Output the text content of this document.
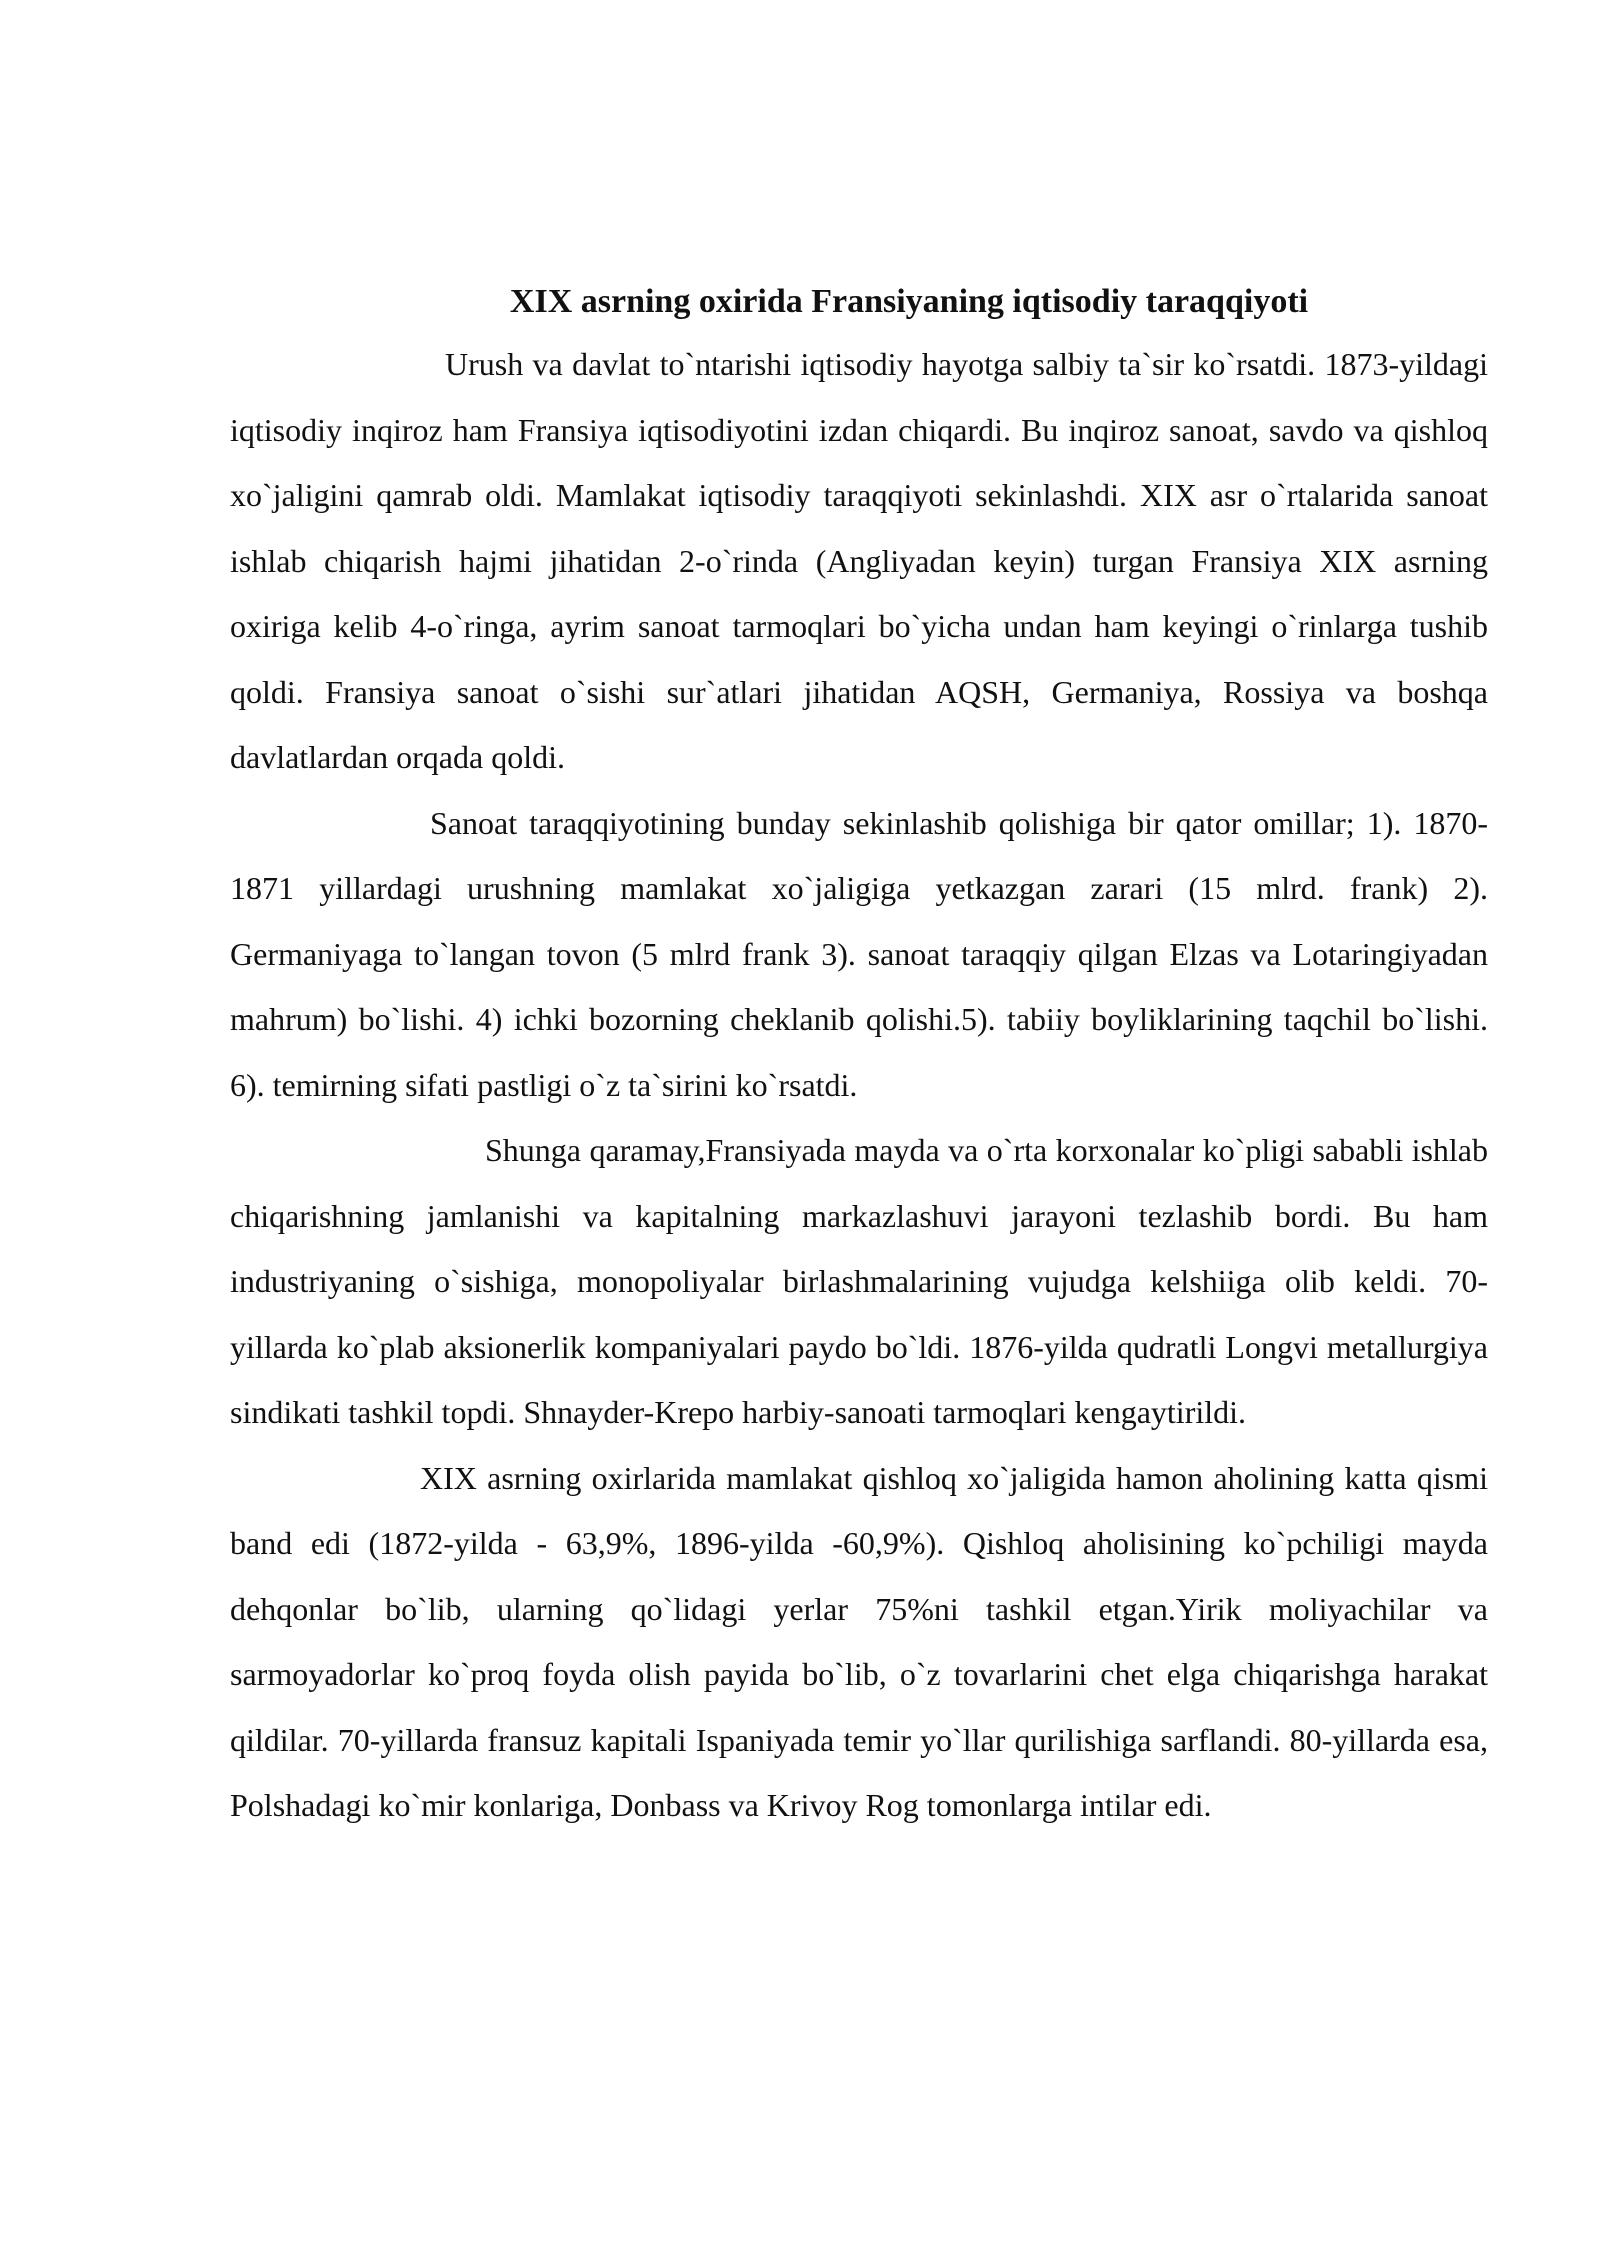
XIX asrning oxirida Fransiyaning iqtisodiy taraqqiyoti

Urush va davlat to`ntarishi iqtisodiy hayotga salbiy ta`sir ko`rsatdi. 1873-yildagi iqtisodiy inqiroz ham Fransiya iqtisodiyotini izdan chiqardi. Bu inqiroz sanoat, savdo va qishloq xo`jaligini qamrab oldi. Mamlakat iqtisodiy taraqqiyoti sekinlashdi. XIX asr o`rtalarida sanoat ishlab chiqarish hajmi jihatidan 2-o`rinda (Angliyadan keyin) turgan Fransiya XIX asrning oxiriga kelib 4-o`ringa, ayrim sanoat tarmoqlari bo`yicha undan ham keyingi o`rinlarga tushib qoldi. Fransiya sanoat o`sishi sur`atlari jihatidan AQSH, Germaniya, Rossiya va boshqa davlatlardan orqada qoldi.

Sanoat taraqqiyotining bunday sekinlashib qolishiga bir qator omillar; 1). 1870-1871 yillardagi urushning mamlakat xo`jaligiga yetkazgan zarari (15 mlrd. frank) 2). Germaniyaga to`langan tovon (5 mlrd frank 3). sanoat taraqqiy qilgan Elzas va Lotaringiyadan mahrum) bo`lishi. 4) ichki bozorning cheklanib qolishi.5). tabiiy boyliklarining taqchil bo`lishi. 6). temirning sifati pastligi o`z ta`sirini ko`rsatdi.

Shunga qaramay,Fransiyada mayda va o`rta korxonalar ko`pligi sababli ishlab chiqarishning jamlanishi va kapitalning markazlashuvi jarayoni tezlashib bordi. Bu ham industriyaning o`sishiga, monopoliyalar birlashmalarining vujudga kelshiiga olib keldi. 70-yillarda ko`plab aksionerlik kompaniyalari paydo bo`ldi. 1876-yilda qudratli Longvi metallurgiya sindikati tashkil topdi. Shnayder-Krepo harbiy-sanoati tarmoqlari kengaytirildi.

XIX asrning oxirlarida mamlakat qishloq xo`jaligida hamon aholining katta qismi band edi (1872-yilda - 63,9%, 1896-yilda -60,9%). Qishloq aholisining ko`pchiligi mayda dehqonlar bo`lib, ularning qo`lidagi yerlar 75%ni tashkil etgan.Yirik moliyachilar va sarmoyadorlar ko`proq foyda olish payida bo`lib, o`z tovarlarini chet elga chiqarishga harakat qildilar. 70-yillarda fransuz kapitali Ispaniyada temir yo`llar qurilishiga sarflandi. 80-yillarda esa, Polshadagi ko`mir konlariga, Donbass va Krivoy Rog tomonlarga intilar edi.
